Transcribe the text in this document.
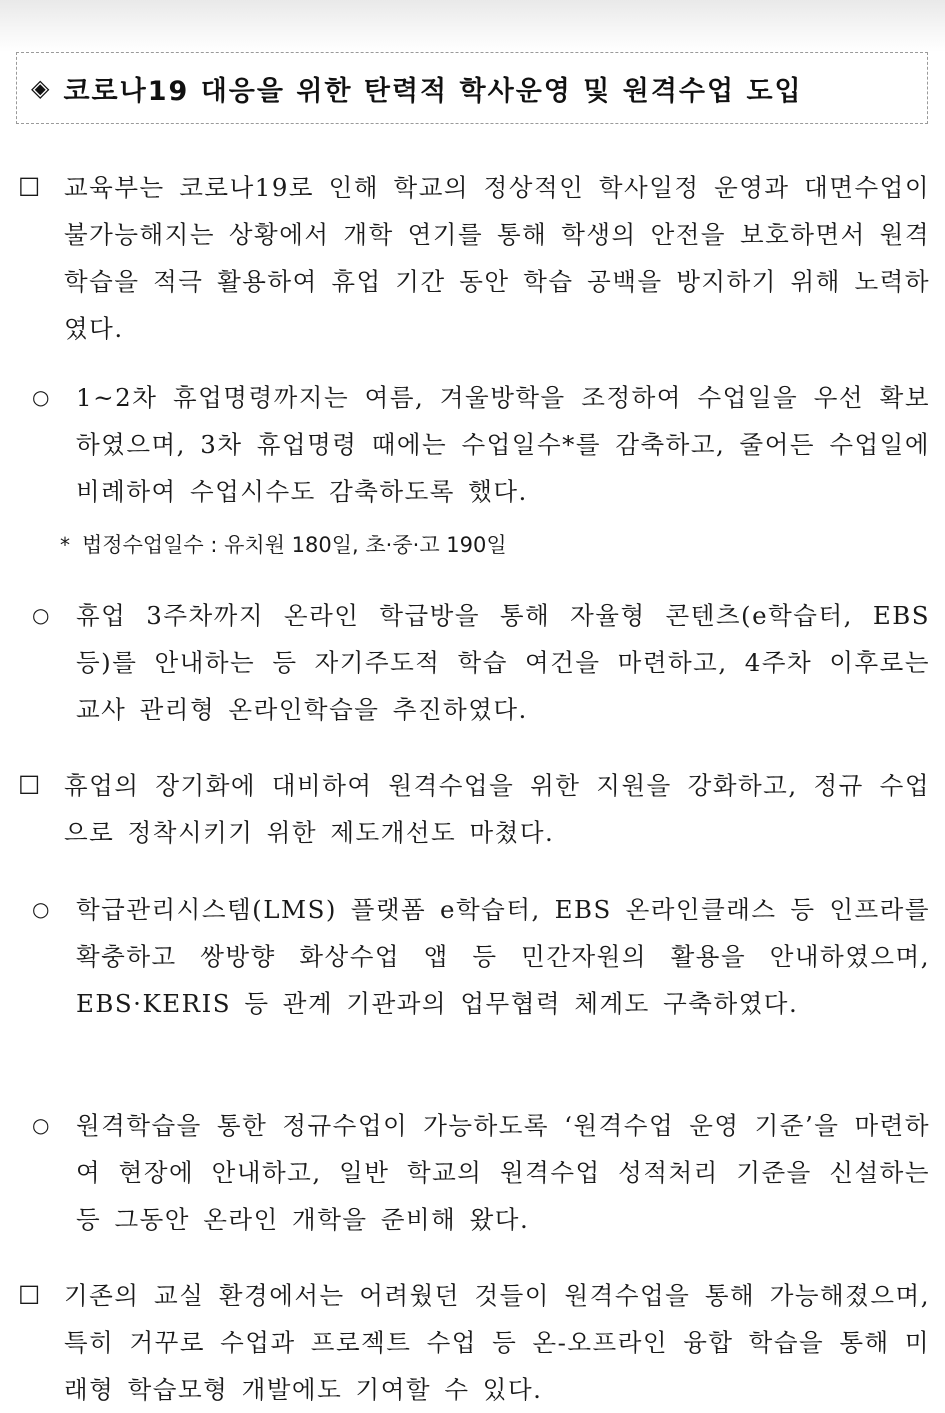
◈ 코로나19 대응을 위한 탄력적 학사운영 및 원격수업 도입
☐ 교육부는 코로나19로 인해 학교의 정상적인 학사일정 운영과 대면수업이 불가능해지는 상황에서 개학 연기를 통해 학생의 안전을 보호하면서 원격학습을 적극 활용하여 휴업 기간 동안 학습 공백을 방지하기 위해 노력하였다.
○ 1~2차 휴업명령까지는 여름, 겨울방학을 조정하여 수업일을 우선 확보하였으며, 3차 휴업명령 때에는 수업일수*를 감축하고, 줄어든 수업일에 비례하여 수업시수도 감축하도록 했다.
* 법정수업일수 : 유치원 180일, 초·중·고 190일
○ 휴업 3주차까지 온라인 학급방을 통해 자율형 콘텐츠(e학습터, EBS 등)를 안내하는 등 자기주도적 학습 여건을 마련하고, 4주차 이후로는 교사 관리형 온라인학습을 추진하였다.
☐ 휴업의 장기화에 대비하여 원격수업을 위한 지원을 강화하고, 정규 수업으로 정착시키기 위한 제도개선도 마쳤다.
○ 학급관리시스템(LMS) 플랫폼 e학습터, EBS 온라인클래스 등 인프라를 확충하고 쌍방향 화상수업 앱 등 민간자원의 활용을 안내하였으며, EBS·KERIS 등 관계 기관과의 업무협력 체계도 구축하였다.
○ 원격학습을 통한 정규수업이 가능하도록 ‘원격수업 운영 기준’을 마련하여 현장에 안내하고, 일반 학교의 원격수업 성적처리 기준을 신설하는 등 그동안 온라인 개학을 준비해 왔다.
☐ 기존의 교실 환경에서는 어려웠던 것들이 원격수업을 통해 가능해졌으며, 특히 거꾸로 수업과 프로젝트 수업 등 온-오프라인 융합 학습을 통해 미래형 학습모형 개발에도 기여할 수 있다.
